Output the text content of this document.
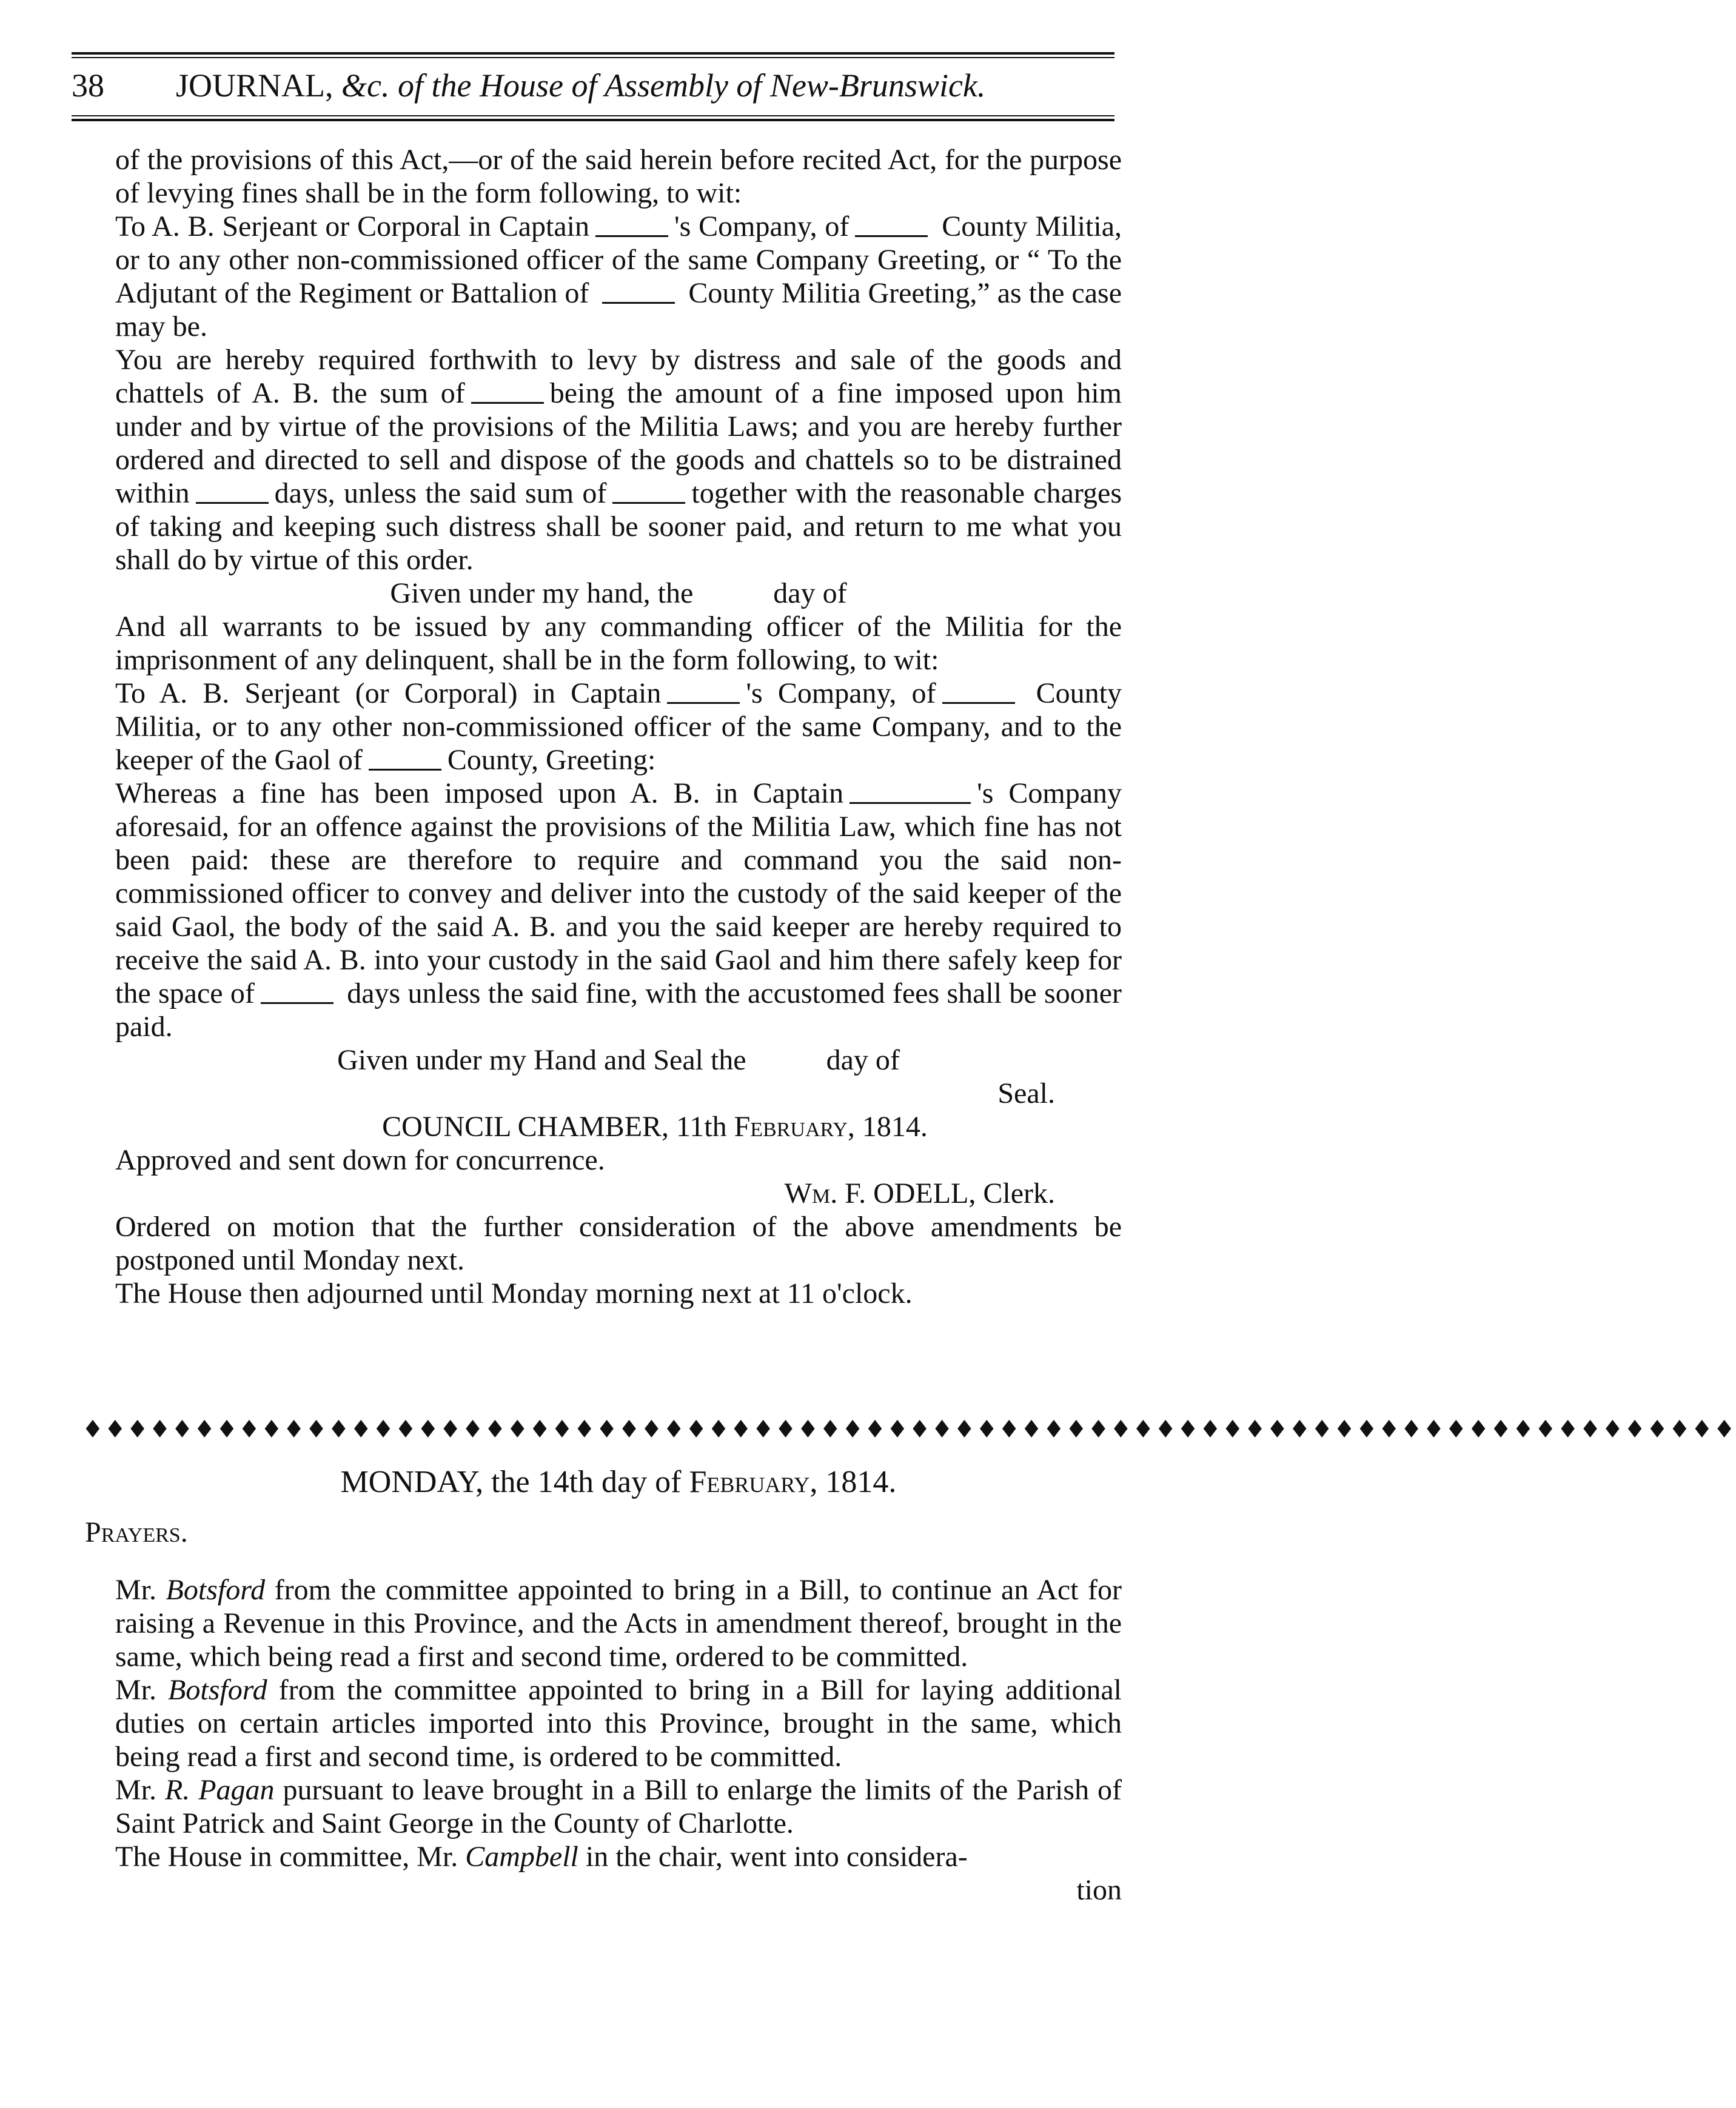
38 JOURNAL, &c. of the House of Assembly of New-Brunswick.

of the provisions of this Act,—or of the said herein before recited Act, for the purpose of levying fines shall be in the form following, to wit:

To A. B. Serjeant or Corporal in Captain	's Company, of	County Militia, or to any other non-commissioned officer of the same Company Greeting, or “ To the Adjutant of the Regiment or Battalion of	County Militia Greeting,” as the case may be.

You are hereby required forthwith to levy by distress and sale of the goods and chattels of A. B. the sum of	being the amount of a fine imposed upon him under and by virtue of the provisions of the Militia Laws; and you are hereby further ordered and directed to sell and dispose of the goods and chattels so to be distrained within	days, unless the said sum of	together with the reasonable charges of taking and keeping such distress shall be sooner paid, and return to me what you shall do by virtue of this order.

Given under my hand, the           day of

And all warrants to be issued by any commanding officer of the Militia for the imprisonment of any delinquent, shall be in the form following, to wit:

To A. B. Serjeant (or Corporal) in Captain	's Company, of	County Militia, or to any other non-commissioned officer of the same Company, and to the keeper of the Gaol of	County, Greeting:

Whereas a fine has been imposed upon A. B. in Captain	's Company aforesaid, for an offence against the provisions of the Militia Law, which fine has not been paid: these are therefore to require and command you the said non-commissioned officer to convey and deliver into the custody of the said keeper of the said Gaol, the body of the said A. B. and you the said keeper are hereby required to receive the said A. B. into your custody in the said Gaol and him there safely keep for the space of	days unless the said fine, with the accustomed fees shall be sooner paid.

Given under my Hand and Seal the           day of

Seal.

COUNCIL CHAMBER, 11th February, 1814.

Approved and sent down for concurrence.

Wm. F. ODELL, Clerk.

Ordered on motion that the further consideration of the above amendments be postponed until Monday next.

The House then adjourned until Monday morning next at 11 o'clock.

♦♦♦♦♦♦♦♦♦♦♦♦♦♦♦♦♦♦♦♦♦♦♦♦♦♦♦♦♦♦♦♦♦♦♦♦♦♦♦♦♦♦♦♦♦♦♦♦♦♦♦♦♦♦♦♦♦♦♦♦♦♦♦♦♦♦♦♦♦♦♦♦♦♦

MONDAY, the 14th day of February, 1814.

Prayers.

Mr. Botsford from the committee appointed to bring in a Bill, to continue an Act for raising a Revenue in this Province, and the Acts in amendment thereof, brought in the same, which being read a first and second time, ordered to be committed.

Mr. Botsford from the committee appointed to bring in a Bill for laying additional duties on certain articles imported into this Province, brought in the same, which being read a first and second time, is ordered to be committed.

Mr. R. Pagan pursuant to leave brought in a Bill to enlarge the limits of the Parish of Saint Patrick and Saint George in the County of Charlotte.

The House in committee, Mr. Campbell in the chair, went into considera-

tion
